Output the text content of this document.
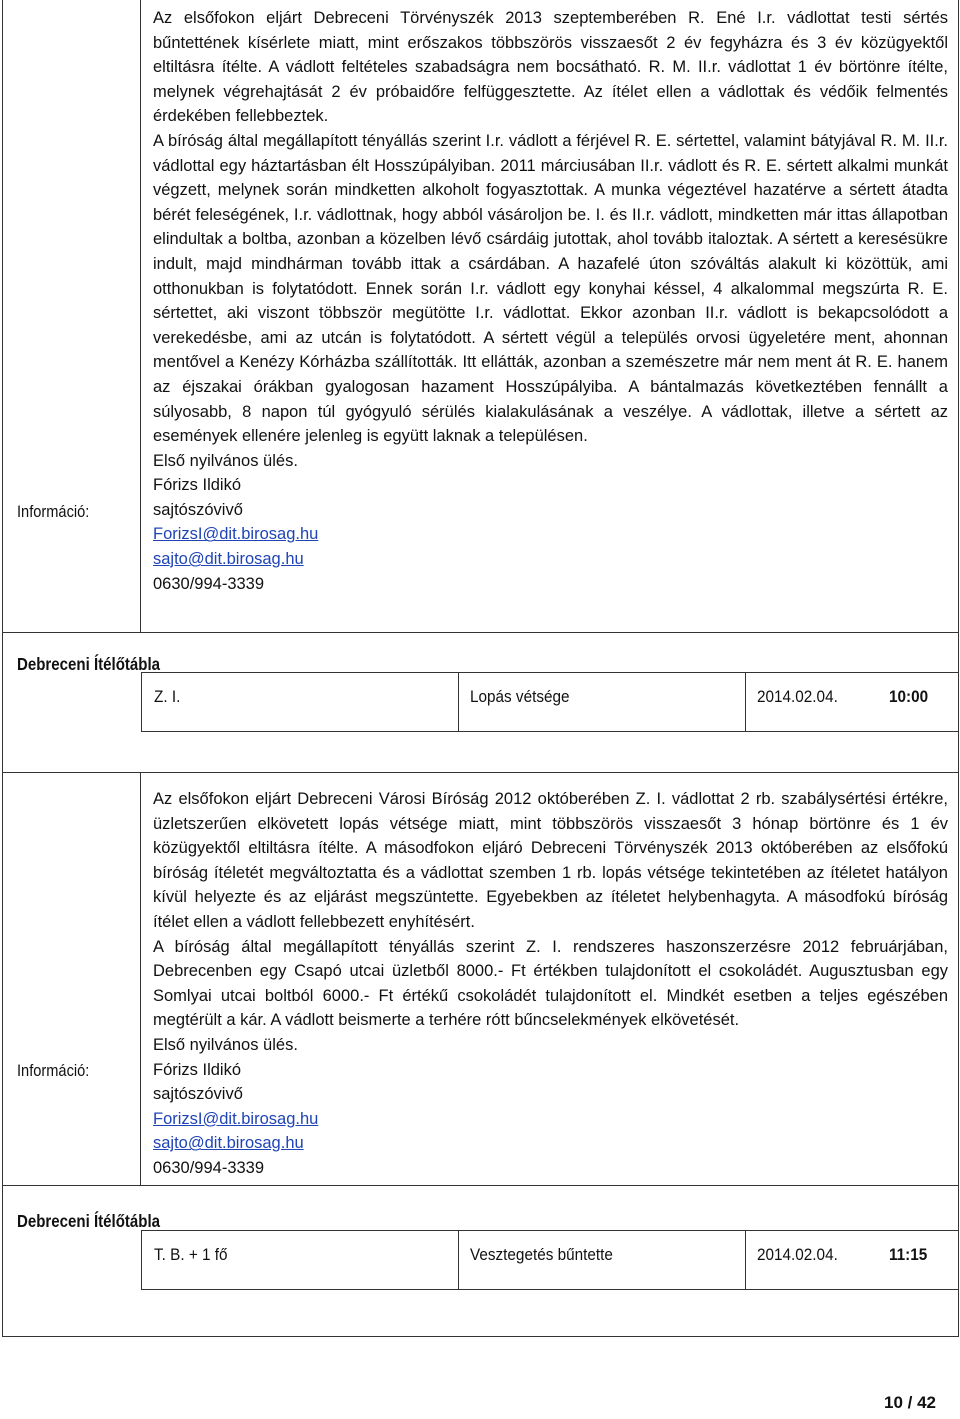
Információ:

Az elsőfokon eljárt Debreceni Törvényszék 2013 szeptemberében R. Ené I.r. vádlottat testi sértés bűntettének kísérlete miatt, mint erőszakos többszörös visszaesőt 2 év fegyházra és 3 év közügyektől eltiltásra ítélte. A vádlott feltételes szabadságra nem bocsátható. R. M. II.r. vádlottat 1 év börtönre ítélte, melynek végrehajtását 2 év próbaidőre felfüggesztette. Az ítélet ellen a vádlottak és védőik felmentés érdekében fellebbeztek.

A bíróság által megállapított tényállás szerint I.r. vádlott a férjével R. E. sértettel, valamint bátyjával R. M. II.r. vádlottal egy háztartásban élt Hosszúpályiban. 2011 márciusában II.r. vádlott és R. E. sértett alkalmi munkát végzett, melynek során mindketten alkoholt fogyasztottak. A munka végeztével hazatérve a sértett átadta bérét feleségének, I.r. vádlottnak, hogy abból vásároljon be. I. és II.r. vádlott, mindketten már ittas állapotban elindultak a boltba, azonban a közelben lévő csárdáig jutottak, ahol tovább italoztak. A sértett a keresésükre indult, majd mindhárman tovább ittak a csárdában. A hazafelé úton szóváltás alakult ki közöttük, ami otthonukban is folytatódott. Ennek során I.r. vádlott egy konyhai késsel, 4 alkalommal megszúrta R. E. sértettet, aki viszont többször megütötte I.r. vádlottat. Ekkor azonban II.r. vádlott is bekapcsolódott a verekedésbe, ami az utcán is folytatódott. A sértett végül a település orvosi ügyeletére ment, ahonnan mentővel a Kenézy Kórházba szállították. Itt ellátták, azonban a szemészetre már nem ment át R. E. hanem az éjszakai órákban gyalogosan hazament Hosszúpályiba. A bántalmazás következtében fennállt a súlyosabb, 8 napon túl gyógyuló sérülés kialakulásának a veszélye. A vádlottak, illetve a sértett az események ellenére jelenleg is együtt laknak a településen.

Első nyilvános ülés.

Fórizs Ildikó
sajtószóvivő
ForizsI@dit.birosag.hu
sajto@dit.birosag.hu
0630/994-3339
Debreceni Ítélőtábla
Z. I.	Lopás vétsége	2014.02.04.	10:00
Információ:

Az elsőfokon eljárt Debreceni Városi Bíróság 2012 októberében Z. I. vádlottat 2 rb. szabálysértési értékre, üzletszerűen elkövetett lopás vétsége miatt, mint többszörös visszaesőt 3 hónap börtönre és 1 év közügyektől eltiltásra ítélte. A másodfokon eljáró Debreceni Törvényszék 2013 októberében az elsőfokú bíróság ítéletét megváltoztatta és a vádlottat szemben 1 rb. lopás vétsége tekintetében az ítéletet hatályon kívül helyezte és az eljárást megszüntette. Egyebekben az ítéletet helybenhagyta. A másodfokú bíróság ítélet ellen a vádlott fellebbezett enyhítésért.

A bíróság által megállapított tényállás szerint Z. I. rendszeres haszonszerzésre 2012 februárjában, Debrecenben egy Csapó utcai üzletből 8000.- Ft értékben tulajdonított el csokoládét. Augusztusban egy Somlyai utcai boltból 6000.- Ft értékű csokoládét tulajdonított el. Mindkét esetben a teljes egészében megtérült a kár. A vádlott beismerte a terhére rótt bűncselekmények elkövetését.

Első nyilvános ülés.

Fórizs Ildikó
sajtószóvivő
ForizsI@dit.birosag.hu
sajto@dit.birosag.hu
0630/994-3339
Debreceni Ítélőtábla
T. B. + 1 fő	Vesztegetés bűntette	2014.02.04.	11:15
10 / 42
